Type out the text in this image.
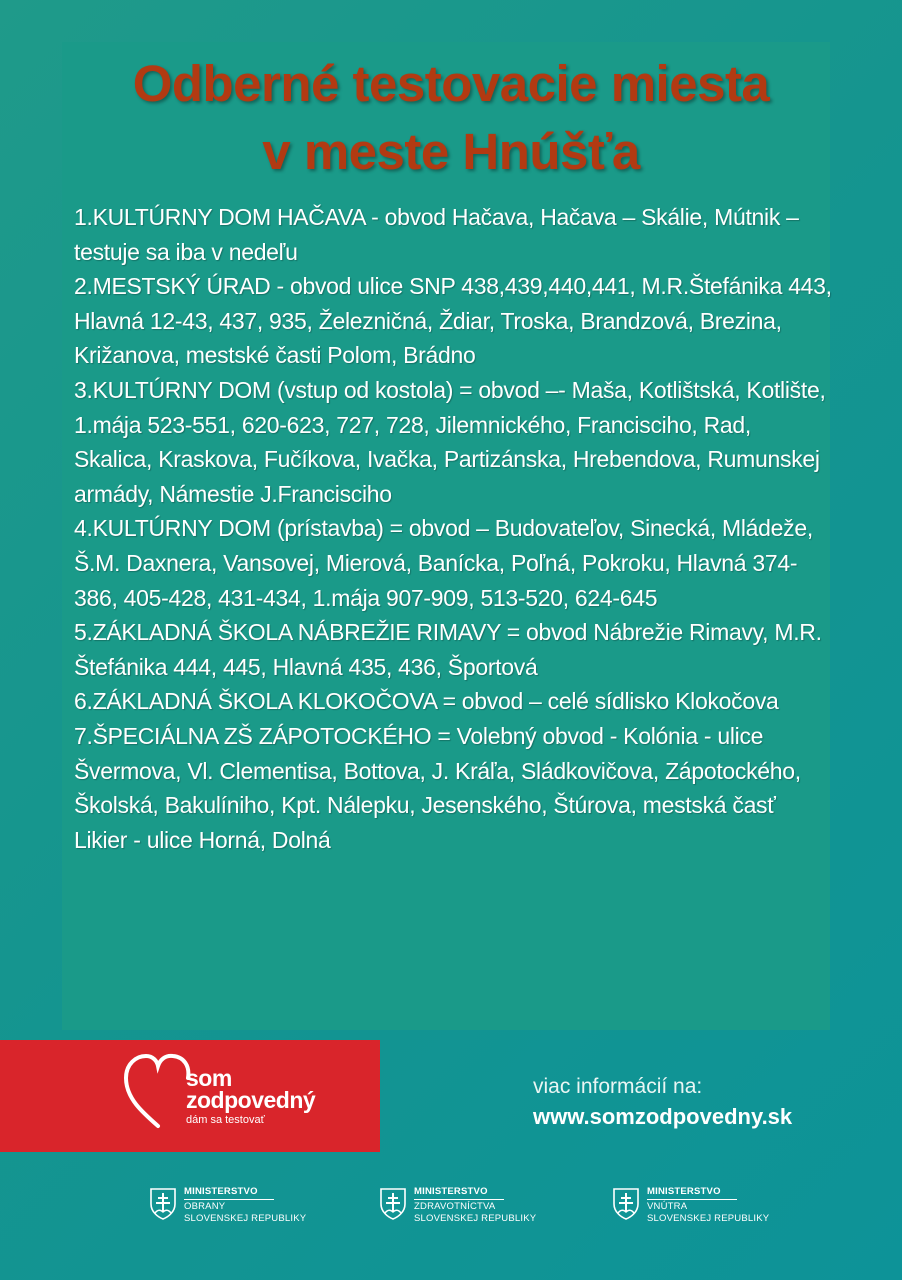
Odberné testovacie miesta
v meste Hnúšťa
1.KULTÚRNY DOM HAČAVA - obvod Hačava, Hačava – Skálie, Mútnik – testuje sa iba v nedeľu
2.MESTSKÝ ÚRAD - obvod ulice SNP 438,439,440,441, M.R.Štefánika 443, Hlavná 12-43, 437, 935, Železničná, Ždiar, Troska, Brandzová, Brezina, Križanova, mestské časti Polom, Brádno
3.KULTÚRNY DOM (vstup od kostola) = obvod –- Maša, Kotlištská, Kotlište, 1.mája 523-551, 620-623, 727, 728, Jilemnického, Francisciho, Rad, Skalica, Kraskova, Fučíkova, Ivačka, Partizánska, Hrebendova, Rumunskej armády, Námestie J.Francisciho
4.KULTÚRNY DOM (prístavba) = obvod – Budovateľov, Sinecká, Mládeže, Š.M. Daxnera, Vansovej, Mierová, Banícka, Poľná, Pokroku, Hlavná 374-386, 405-428, 431-434, 1.mája 907-909, 513-520, 624-645
5.ZÁKLADNÁ ŠKOLA NÁBREŽIE RIMAVY = obvod Nábrežie Rimavy, M.R. Štefánika 444, 445, Hlavná 435, 436, Športová
6.ZÁKLADNÁ ŠKOLA KLOKOČOVA = obvod – celé sídlisko Klokočova
7.ŠPECIÁLNA ZŠ ZÁPOTOCKÉHO = Volebný obvod - Kolónia - ulice Švermova, Vl. Clementisa, Bottova, J. Kráľa, Sládkovičova, Zápotockého, Školská, Bakulíniho, Kpt. Nálepku, Jesenského, Štúrova, mestská časť Likier - ulice Horná, Dolná
som
zodpovedný
dám sa testovať
viac informácií na:
www.somzodpovedny.sk
MINISTERSTVO
OBRANY
SLOVENSKEJ REPUBLIKY
MINISTERSTVO
ZDRAVOTNÍCTVA
SLOVENSKEJ REPUBLIKY
MINISTERSTVO
VNÚTRA
SLOVENSKEJ REPUBLIKY
